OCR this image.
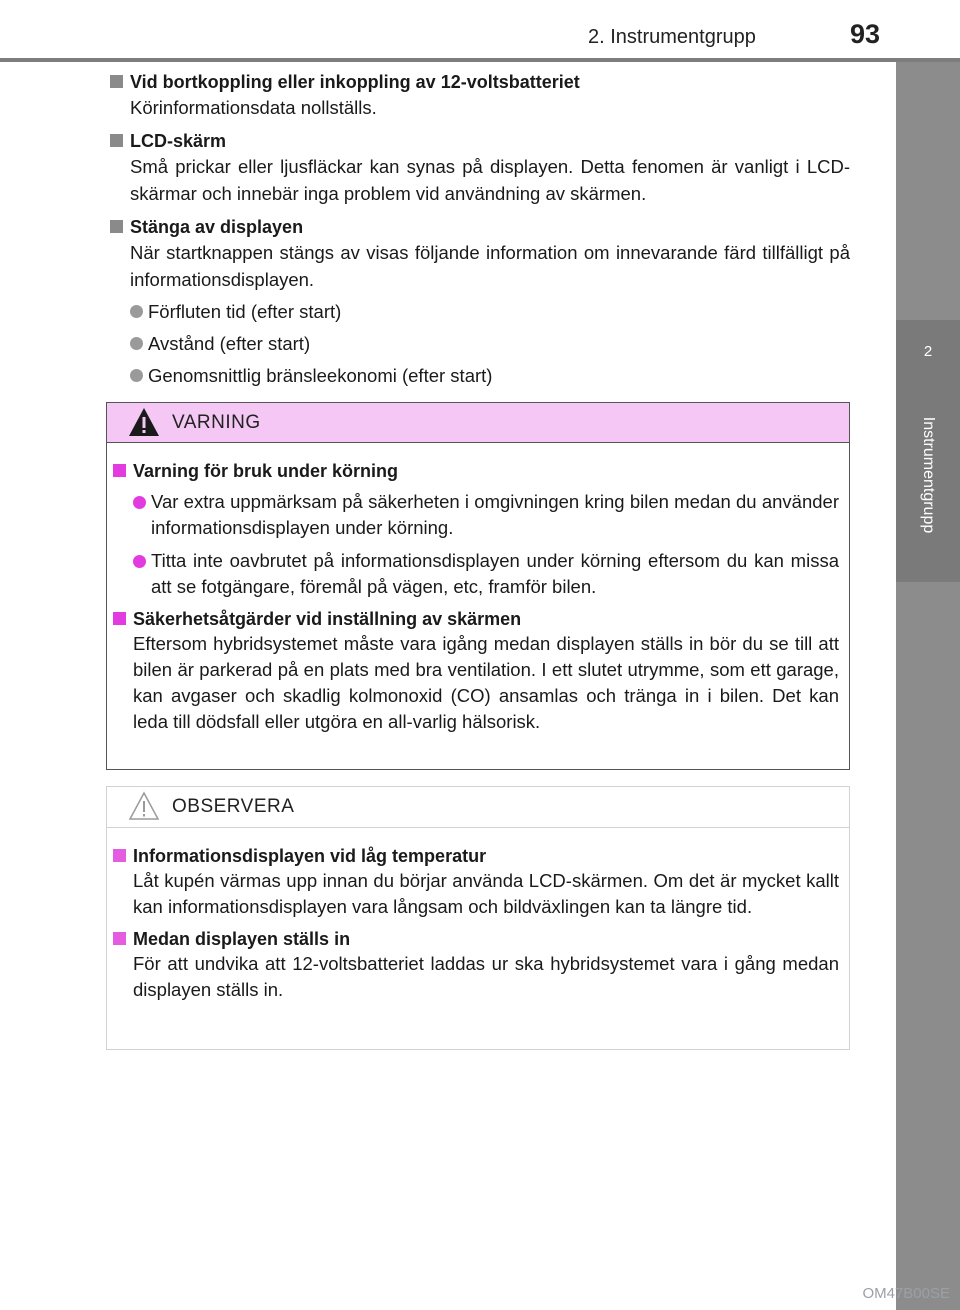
2. Instrumentgrupp	93
2
Instrumentgrupp
Vid bortkoppling eller inkoppling av 12-voltsbatteriet
Körinformationsdata nollställs.
LCD-skärm
Små prickar eller ljusfläckar kan synas på displayen. Detta fenomen är vanligt i LCD-skärmar och innebär inga problem vid användning av skärmen.
Stänga av displayen
När startknappen stängs av visas följande information om innevarande färd tillfälligt på informationsdisplayen.
Förfluten tid (efter start)
Avstånd (efter start)
Genomsnittlig bränsleekonomi (efter start)
VARNING
Varning för bruk under körning
Var extra uppmärksam på säkerheten i omgivningen kring bilen medan du använder informationsdisplayen under körning.
Titta inte oavbrutet på informationsdisplayen under körning eftersom du kan missa att se fotgängare, föremål på vägen, etc, framför bilen.
Säkerhetsåtgärder vid inställning av skärmen
Eftersom hybridsystemet måste vara igång medan displayen ställs in bör du se till att bilen är parkerad på en plats med bra ventilation. I ett slutet utrymme, som ett garage, kan avgaser och skadlig kolmonoxid (CO) ansamlas och tränga in i bilen. Det kan leda till dödsfall eller utgöra en all-varlig hälsorisk.
OBSERVERA
Informationsdisplayen vid låg temperatur
Låt kupén värmas upp innan du börjar använda LCD-skärmen. Om det är mycket kallt kan informationsdisplayen vara långsam och bildväxlingen kan ta längre tid.
Medan displayen ställs in
För att undvika att 12-voltsbatteriet laddas ur ska hybridsystemet vara i gång medan displayen ställs in.
OM47B00SE
